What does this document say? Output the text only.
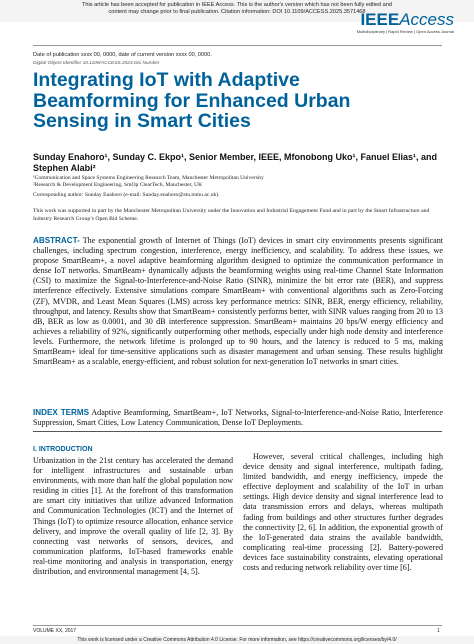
This article has been accepted for publication in IEEE Access. This is the author's version which has not been fully edited and
content may change prior to final publication. Citation information: DOI 10.1109/ACCESS.2025.3571468
IEEEAccess
Multidisciplinary | Rapid Review | Open Access Journal
Date of publication xxxx 00, 0000, date of current version xxxx 00, 0000.
Digital Object Identifier 10.1109/ACCESS.2024.Doi Number
Integrating IoT with Adaptive Beamforming for Enhanced Urban Sensing in Smart Cities
Sunday Enahoro¹, Sunday C. Ekpo¹, Senior Member, IEEE, Mfonobong Uko¹, Fanuel Elias¹, and Stephen Alabi²
¹Communication and Space Systems Engineering Research Team, Manchester Metropolitan University
²Research & Development Engineering, SmOp ClearTech, Manchester, UK
Corresponding author: Sunday Enahoro (e-mail: Sunday.enahoro@stu.mmu.ac.uk).
This work was supported in part by the Manchester Metropolitan University under the Innovation and Industrial Engagement Fund and in part by the Smart Infrastructure and Industry Research Group’s Open Bid Scheme.
ABSTRACT- The exponential growth of Internet of Things (IoT) devices in smart city environments presents significant challenges, including spectrum congestion, interference, energy inefficiency, and scalability. To address these issues, we propose SmartBeam+, a novel adaptive beamforming algorithm designed to optimize the communication performance in dense IoT networks. SmartBeam+ dynamically adjusts the beamforming weights using real-time Channel State Information (CSI) to maximize the Signal-to-Interference-and-Noise Ratio (SINR), minimize the bit error rate (BER), and suppress interference effectively. Extensive simulations compare SmartBeam+ with conventional algorithms such as Zero-Forcing (ZF), MVDR, and Least Mean Squares (LMS) across key performance metrics: SINR, BER, energy efficiency, reliability, throughput, and latency. Results show that SmartBeam+ consistently performs better, with SINR values ranging from 20 to 13 dB, BER as low as 0.0001, and 30 dB interference suppression. SmartBeam+ maintains 20 bps/W energy efficiency and achieves a reliability of 92%, significantly outperforming other methods, especially under high node density and interference levels. Furthermore, the network lifetime is prolonged up to 90 hours, and the latency is reduced to 5 ms, making SmartBeam+ ideal for time-sensitive applications such as disaster management and urban sensing. These results highlight SmartBeam+ as a scalable, energy-efficient, and robust solution for next-generation IoT networks in smart cities.
INDEX TERMS Adaptive Beamforming, SmartBeam+, IoT Networks, Signal-to-Interference-and-Noise Ratio, Interference Suppression, Smart Cities, Low Latency Communication, Dense IoT Deployments.
I. INTRODUCTION
Urbanization in the 21st century has accelerated the demand for intelligent infrastructures and sustainable urban environments, with more than half the global population now residing in cities [1]. At the forefront of this transformation are smart city initiatives that utilize advanced Information and Communication Technologies (ICT) and the Internet of Things (IoT) to optimize resource allocation, enhance service delivery, and improve the overall quality of life [2, 3]. By connecting vast networks of sensors, devices, and communication platforms, IoT-based frameworks enable real-time monitoring and analysis in transportation, energy distribution, and environmental management [4, 5].
However, several critical challenges, including high device density and signal interference, multipath fading, limited bandwidth, and energy inefficiency, impede the effective deployment and scalability of the IoT in urban settings. High device density and signal interference lead to data transmission errors and delays, whereas multipath fading from buildings and other structures further degrades the connectivity [2, 6]. In addition, the exponential growth of the IoT-generated data strains the available bandwidth, complicating real-time processing [2]. Battery-powered devices face sustainability constraints, elevating operational costs and reducing network reliability over time [6].
VOLUME XX, 2017	1
This work is licensed under a Creative Commons Attribution 4.0 License. For more information, see https://creativecommons.org/licenses/by/4.0/
